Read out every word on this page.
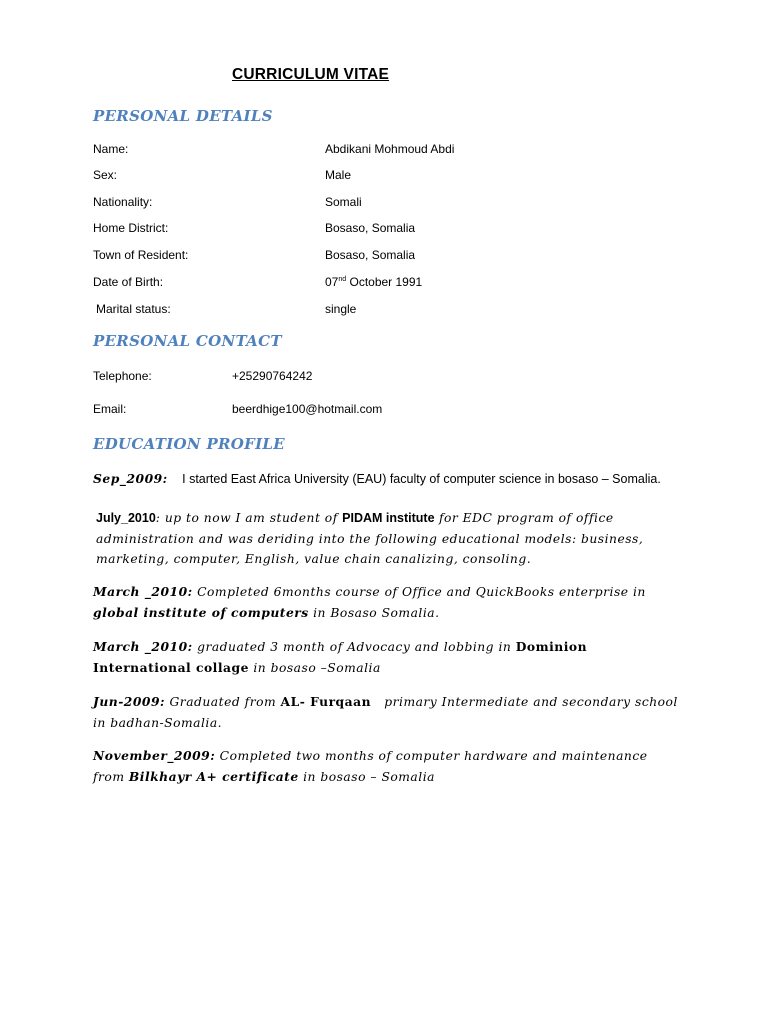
CURRICULUM VITAE
PERSONAL DETAILS
Name:	Abdikani Mohmoud Abdi
Sex:	Male
Nationality:	Somali
Home District:	Bosaso, Somalia
Town of Resident:	Bosaso, Somalia
Date of Birth:	07nd October 1991
Marital status:	single
PERSONAL CONTACT
Telephone:	+25290764242
Email:	beerdhige100@hotmail.com
EDUCATION PROFILE
Sep_2009: I started East Africa University (EAU) faculty of computer science in bosaso – Somalia.
July_2010: up to now I am student of PIDAM institute for EDC program of office administration and was deriding into the following educational models: business, marketing, computer, English, value chain canalizing, consoling.
March _2010: Completed 6months course of Office and QuickBooks enterprise in global institute of computers in Bosaso Somalia.
March _2010: graduated 3 month of Advocacy and lobbing in Dominion International collage in bosaso –Somalia
Jun-2009: Graduated from AL- Furqaan   primary Intermediate and secondary school in badhan-Somalia.
November_2009: Completed two months of computer hardware and maintenance from Bilkhayr A+ certificate in bosaso – Somalia
